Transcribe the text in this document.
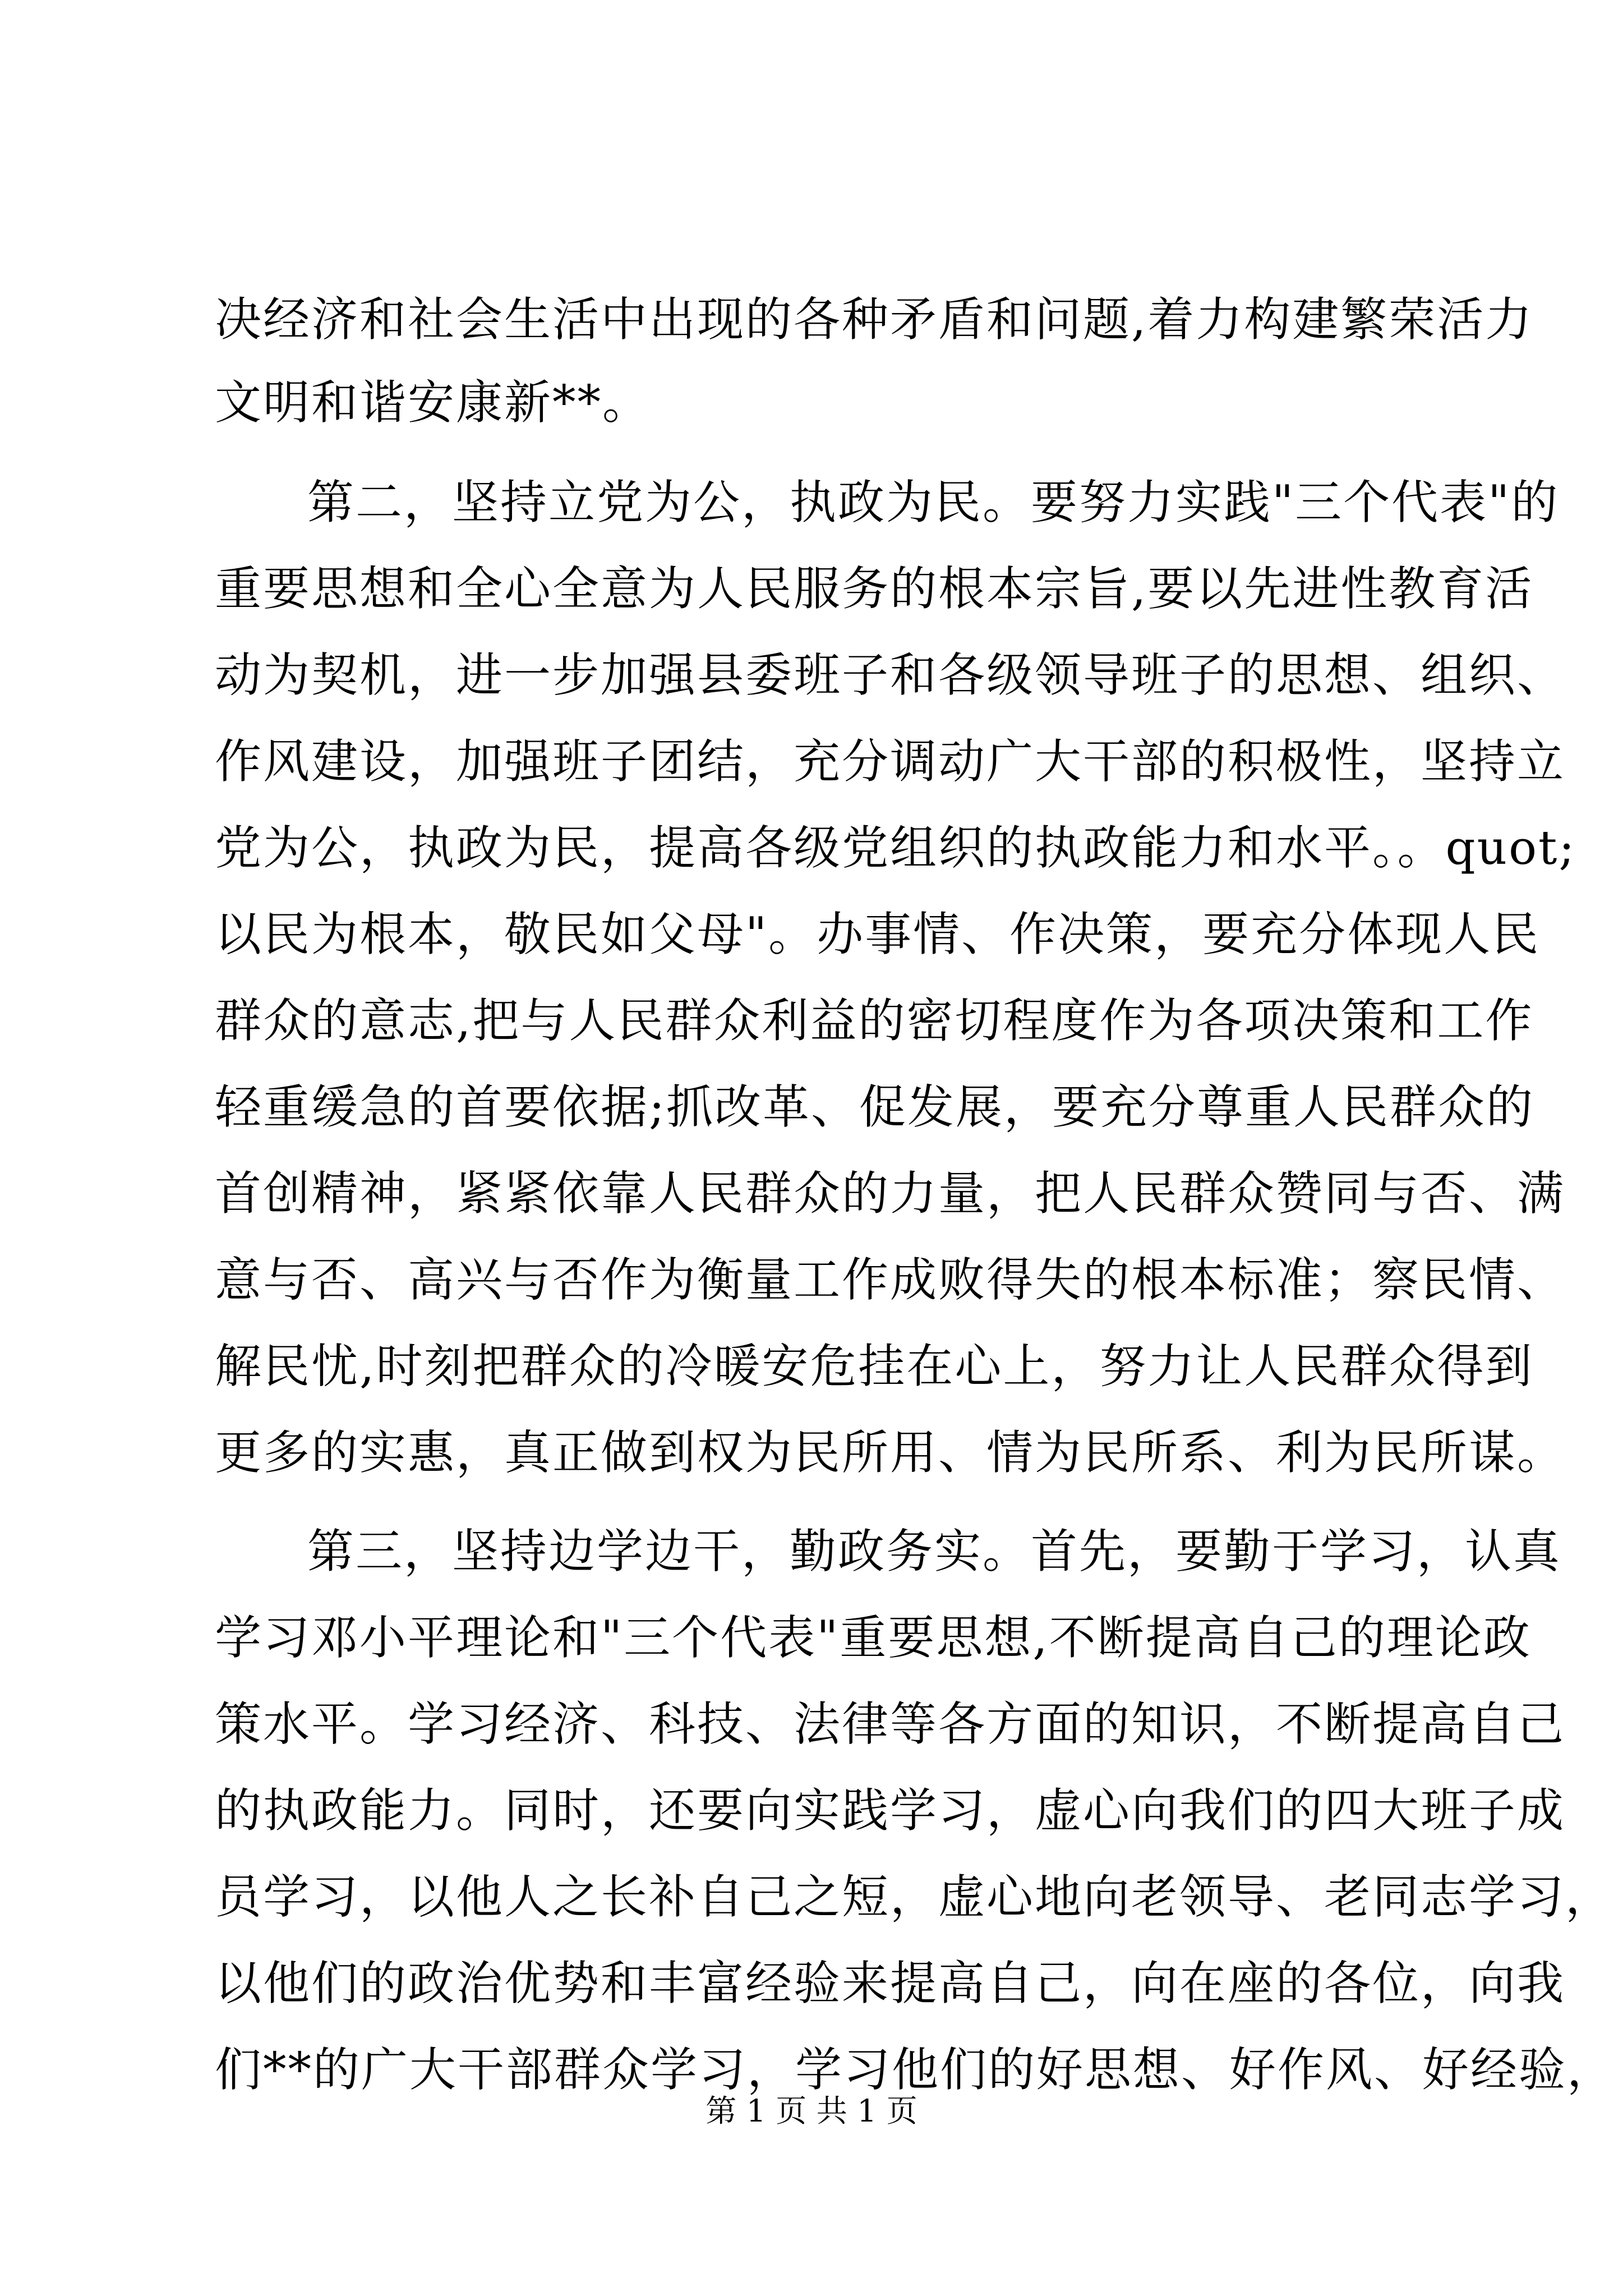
决经济和社会生活中出现的各种矛盾和问题,着力构建繁荣活力

文明和谐安康新**。

第二，坚持立党为公，执政为民。要努力实践"三个代表"的

重要思想和全心全意为人民服务的根本宗旨,要以先进性教育活

动为契机，进一步加强县委班子和各级领导班子的思想、组织、

作风建设，加强班子团结，充分调动广大干部的积极性，坚持立

党为公，执政为民，提高各级党组织的执政能力和水平。。quot;

以民为根本，敬民如父母"。办事情、作决策，要充分体现人民

群众的意志,把与人民群众利益的密切程度作为各项决策和工作

轻重缓急的首要依据;抓改革、促发展，要充分尊重人民群众的

首创精神，紧紧依靠人民群众的力量，把人民群众赞同与否、满

意与否、高兴与否作为衡量工作成败得失的根本标准；察民情、

解民忧,时刻把群众的冷暖安危挂在心上，努力让人民群众得到

更多的实惠，真正做到权为民所用、情为民所系、利为民所谋。

第三，坚持边学边干，勤政务实。首先，要勤于学习，认真

学习邓小平理论和"三个代表"重要思想,不断提高自己的理论政

策水平。学习经济、科技、法律等各方面的知识，不断提高自己

的执政能力。同时，还要向实践学习，虚心向我们的四大班子成

员学习，以他人之长补自己之短，虚心地向老领导、老同志学习，

以他们的政治优势和丰富经验来提高自己，向在座的各位，向我

们**的广大干部群众学习，学习他们的好思想、好作风、好经验，

第 1 页 共 1 页
